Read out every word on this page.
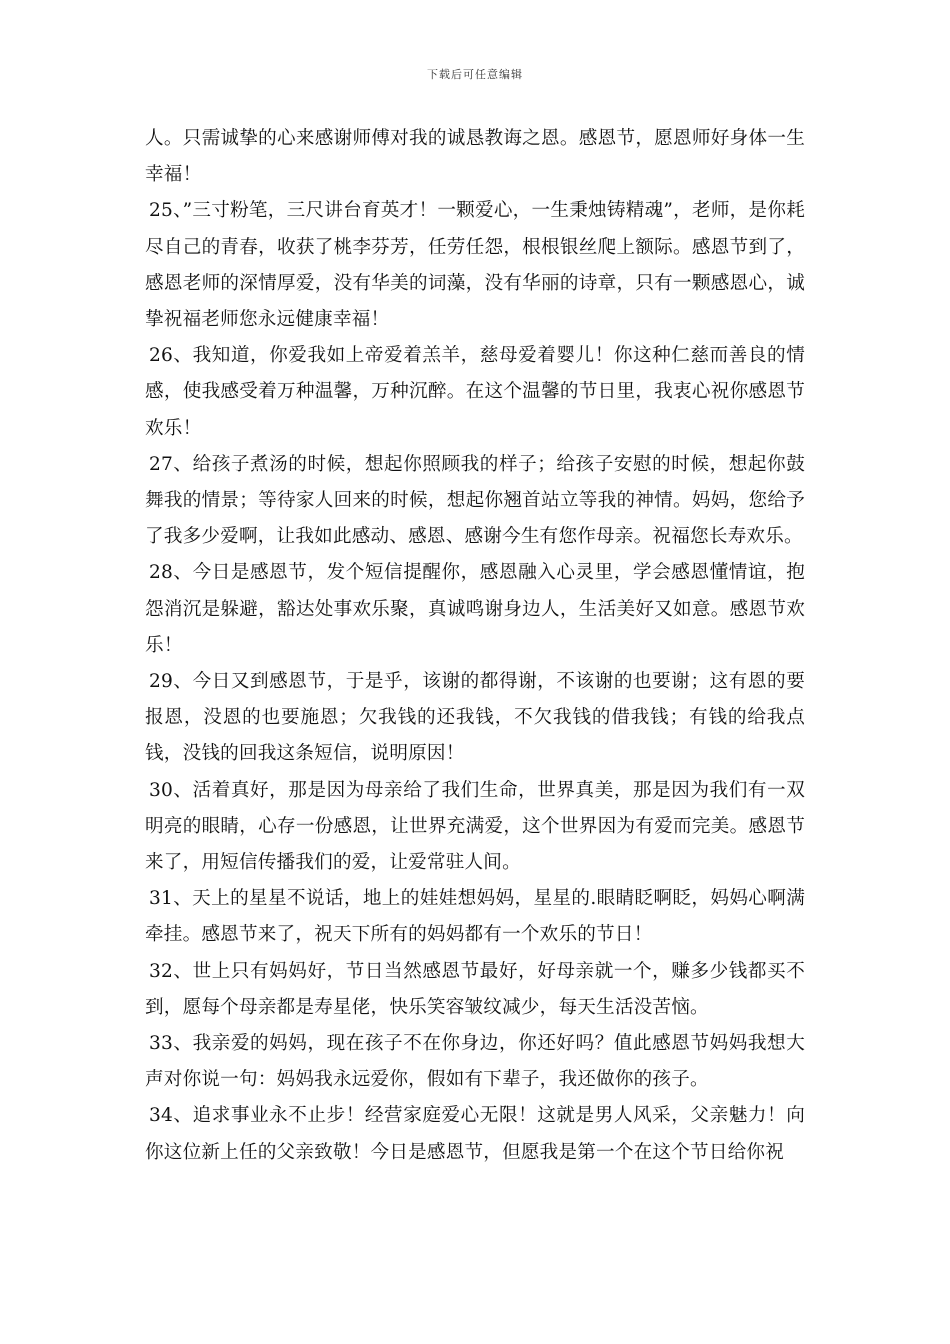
下载后可任意编辑

人。只需诚挚的心来感谢师傅对我的诚恳教诲之恩。感恩节，愿恩师好身体一生幸福！

25、”三寸粉笔，三尺讲台育英才！一颗爱心，一生秉烛铸精魂”，老师，是你耗尽自己的青春，收获了桃李芬芳，任劳任怨，根根银丝爬上额际。感恩节到了，感恩老师的深情厚爱，没有华美的词藻，没有华丽的诗章，只有一颗感恩心，诚挚祝福老师您永远健康幸福！

26、我知道，你爱我如上帝爱着羔羊，慈母爱着婴儿！你这种仁慈而善良的情感，使我感受着万种温馨，万种沉醉。在这个温馨的节日里，我衷心祝你感恩节欢乐！

27、给孩子煮汤的时候，想起你照顾我的样子；给孩子安慰的时候，想起你鼓舞我的情景；等待家人回来的时候，想起你翘首站立等我的神情。妈妈，您给予了我多少爱啊，让我如此感动、感恩、感谢今生有您作母亲。祝福您长寿欢乐。

28、今日是感恩节，发个短信提醒你，感恩融入心灵里，学会感恩懂情谊，抱怨消沉是躲避，豁达处事欢乐聚，真诚鸣谢身边人，生活美好又如意。感恩节欢乐！

29、今日又到感恩节，于是乎，该谢的都得谢，不该谢的也要谢；这有恩的要报恩，没恩的也要施恩；欠我钱的还我钱，不欠我钱的借我钱；有钱的给我点钱，没钱的回我这条短信，说明原因！

30、活着真好，那是因为母亲给了我们生命，世界真美，那是因为我们有一双明亮的眼睛，心存一份感恩，让世界充满爱，这个世界因为有爱而完美。感恩节来了，用短信传播我们的爱，让爱常驻人间。

31、天上的星星不说话，地上的娃娃想妈妈，星星的.眼睛眨啊眨，妈妈心啊满牵挂。感恩节来了，祝天下所有的妈妈都有一个欢乐的节日！

32、世上只有妈妈好，节日当然感恩节最好，好母亲就一个，赚多少钱都买不到，愿每个母亲都是寿星佬，快乐笑容皱纹减少，每天生活没苦恼。

33、我亲爱的妈妈，现在孩子不在你身边，你还好吗？值此感恩节妈妈我想大声对你说一句：妈妈我永远爱你，假如有下辈子，我还做你的孩子。

34、追求事业永不止步！经营家庭爱心无限！这就是男人风采，父亲魅力！向你这位新上任的父亲致敬！今日是感恩节，但愿我是第一个在这个节日给你祝
